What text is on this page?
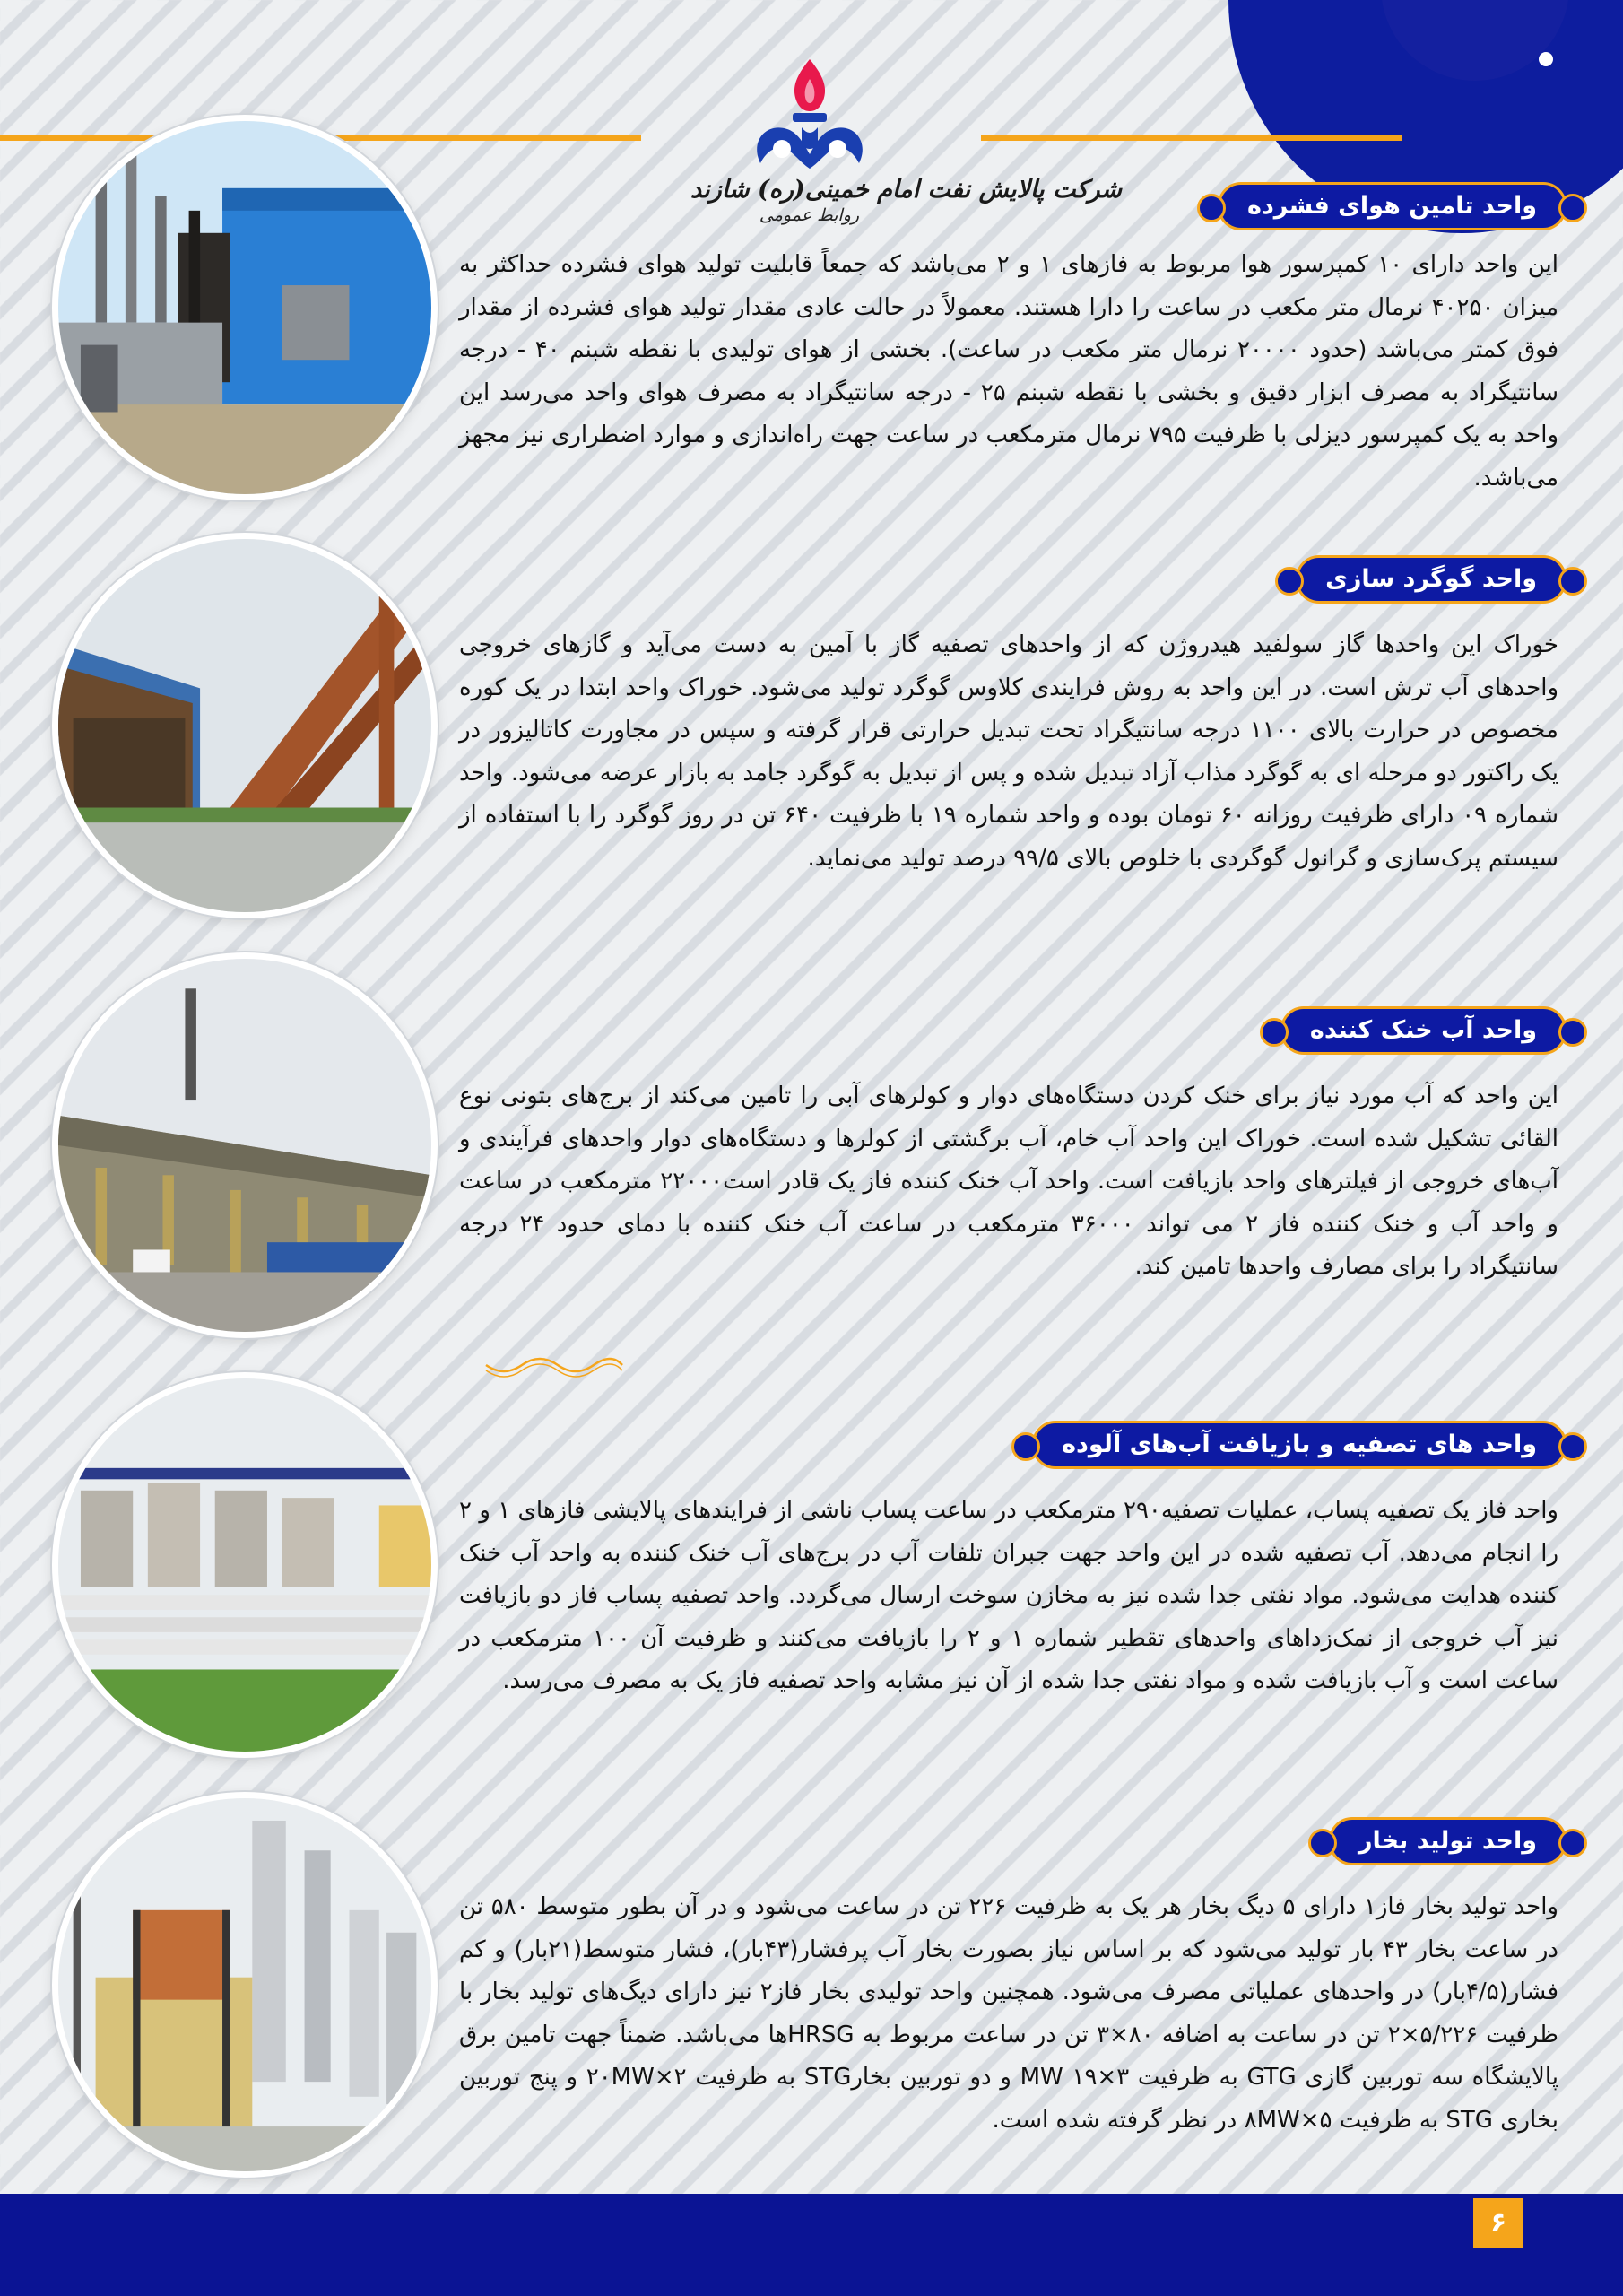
شرکت پالایش نفت امام خمینی(ره) شازند
روابط عمومی	واحد تامین هوای فشرده
این واحد دارای ۱۰ کمپرسور هوا مربوط به فازهای ۱ و ۲ می‌باشد که جمعاً قابلیت تولید هوای فشرده حداکثر به میزان ۴۰۲۵۰ نرمال متر مکعب در ساعت را دارا هستند. معمولاً در حالت عادی مقدار تولید هوای فشرده از مقدار فوق کمتر می‌باشد (حدود ۲۰۰۰۰ نرمال متر مکعب در ساعت). بخشی از هوای تولیدی با نقطه شبنم ۴۰ - درجه سانتیگراد به مصرف ابزار دقیق و بخشی با نقطه شبنم ۲۵ - درجه سانتیگراد به مصرف هوای واحد می‌رسد این واحد به یک کمپرسور دیزلی با ظرفیت ۷۹۵ نرمال مترمکعب در ساعت جهت راه‌اندازی و موارد اضطراری نیز مجهز می‌باشد.
واحد گوگرد سازی
خوراک این واحدها گاز سولفید هیدروژن که از واحدهای تصفیه گاز با آمین به دست می‌آید و گازهای خروجی واحدهای آب ترش است. در این واحد به روش فرایندی کلاوس گوگرد تولید می‌شود. خوراک واحد ابتدا در یک کوره مخصوص در حرارت بالای ۱۱۰۰ درجه سانتیگراد تحت تبدیل حرارتی قرار گرفته و سپس در مجاورت کاتالیزور در یک راکتور دو مرحله ای به گوگرد مذاب آزاد تبدیل شده و پس از تبدیل به گوگرد جامد به بازار عرضه می‌شود. واحد شماره ۰۹ دارای ظرفیت روزانه ۶۰ تومان بوده و واحد شماره ۱۹ با ظرفیت ۶۴۰ تن در روز گوگرد را با استفاده از سیستم پرک‌سازی و گرانول گوگردی با خلوص بالای ۹۹/۵ درصد تولید می‌نماید.
واحد آب خنک کننده
این واحد که آب مورد نیاز برای خنک کردن دستگاه‌های دوار و کولرهای آبی را تامین می‌کند از برج‌های بتونی نوع القائی تشکیل شده است. خوراک این واحد آب خام، آب برگشتی از کولرها و دستگاه‌های دوار واحدهای فرآیندی و آب‌های خروجی از فیلترهای واحد بازیافت است. واحد آب خنک کننده فاز یک قادر است۲۲۰۰۰ مترمکعب در ساعت و واحد آب و خنک کننده فاز ۲ می تواند ۳۶۰۰۰ مترمکعب در ساعت آب خنک کننده با دمای حدود ۲۴ درجه سانتیگراد را برای مصارف واحدها تامین کند.
واحد های تصفیه و بازیافت آب‌های آلوده
واحد فاز یک تصفیه پساب، عملیات تصفیه۲۹۰ مترمکعب در ساعت پساب ناشی از فرایندهای پالایشی فازهای ۱ و ۲ را انجام می‌دهد. آب تصفیه شده در این واحد جهت جبران تلفات آب در برج‌های آب خنک کننده به واحد آب خنک کننده هدایت می‌شود. مواد نفتی جدا شده نیز به مخازن سوخت ارسال می‌گردد. واحد تصفیه پساب فاز دو بازیافت نیز آب خروجی از نمک‌زداهای واحدهای تقطیر شماره ۱ و ۲ را بازیافت می‌کنند و ظرفیت آن ۱۰۰ مترمکعب در ساعت است و آب بازیافت شده و مواد نفتی جدا شده از آن نیز مشابه واحد تصفیه فاز یک به مصرف می‌رسد.
واحد تولید بخار
واحد تولید بخار فاز۱ دارای ۵ دیگ بخار هر یک به ظرفیت ۲۲۶ تن در ساعت می‌شود و در آن بطور متوسط ۵۸۰ تن در ساعت بخار ۴۳ بار تولید می‌شود که بر اساس نیاز بصورت بخار آب پرفشار(۴۳بار)، فشار متوسط(۲۱بار) و کم فشار(۴/۵بار) در واحدهای عملیاتی مصرف می‌شود. همچنین واحد تولیدی بخار فاز۲ نیز دارای دیگ‌های تولید بخار با ظرفیت ۵/۲۲۶×۲ تن در ساعت به اضافه ۸۰×۳ تن در ساعت مربوط به HRSGها می‌باشد. ضمناً جهت تامین برق پالایشگاه سه توربین گازی GTG به ظرفیت MW ۱۹×۳ و دو توربین بخارSTG به ظرفیت ۲۰MW×۲ و پنج توربین بخاری STG به ظرفیت ۸MW×۵ در نظر گرفته شده است.
۶
